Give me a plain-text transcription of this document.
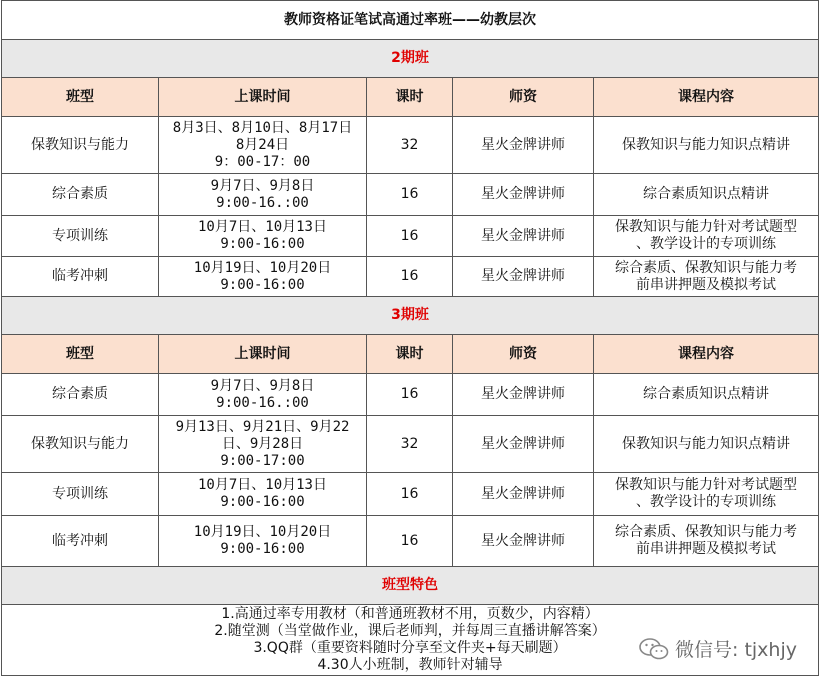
教师资格证笔试高通过率班——幼教层次				
2期班				
班型	上课时间	课时	师资	课程内容
保教知识与能力	8月3日、8月10日、8月17日
8月24日
9：00-17：00	32	星火金牌讲师	保教知识与能力知识点精讲
综合素质	9月7日、9月8日
9:00-16.:00	16	星火金牌讲师	综合素质知识点精讲
专项训练	10月7日、10月13日
9:00-16:00	16	星火金牌讲师	保教知识与能力针对考试题型
、教学设计的专项训练
临考冲刺	10月19日、10月20日
9:00-16:00	16	星火金牌讲师	综合素质、保教知识与能力考
前串讲押题及模拟考试
3期班				
班型	上课时间	课时	师资	课程内容
综合素质	9月7日、9月8日
9:00-16.:00	16	星火金牌讲师	综合素质知识点精讲
保教知识与能力	9月13日、9月21日、9月22
日、9月28日
9:00-17:00	32	星火金牌讲师	保教知识与能力知识点精讲
专项训练	10月7日、10月13日
9:00-16:00	16	星火金牌讲师	保教知识与能力针对考试题型
、教学设计的专项训练
临考冲刺	10月19日、10月20日
9:00-16:00	16	星火金牌讲师	综合素质、保教知识与能力考
前串讲押题及模拟考试
班型特色				

1.高通过率专用教材（和普通班教材不用，页数少，内容精）
2.随堂测（当堂做作业，课后老师判，并每周三直播讲解答案）
3.QQ群（重要资料随时分享至文件夹+每天刷题）
4.30人小班制，教师针对辅导				
微信号: tjxhjy
